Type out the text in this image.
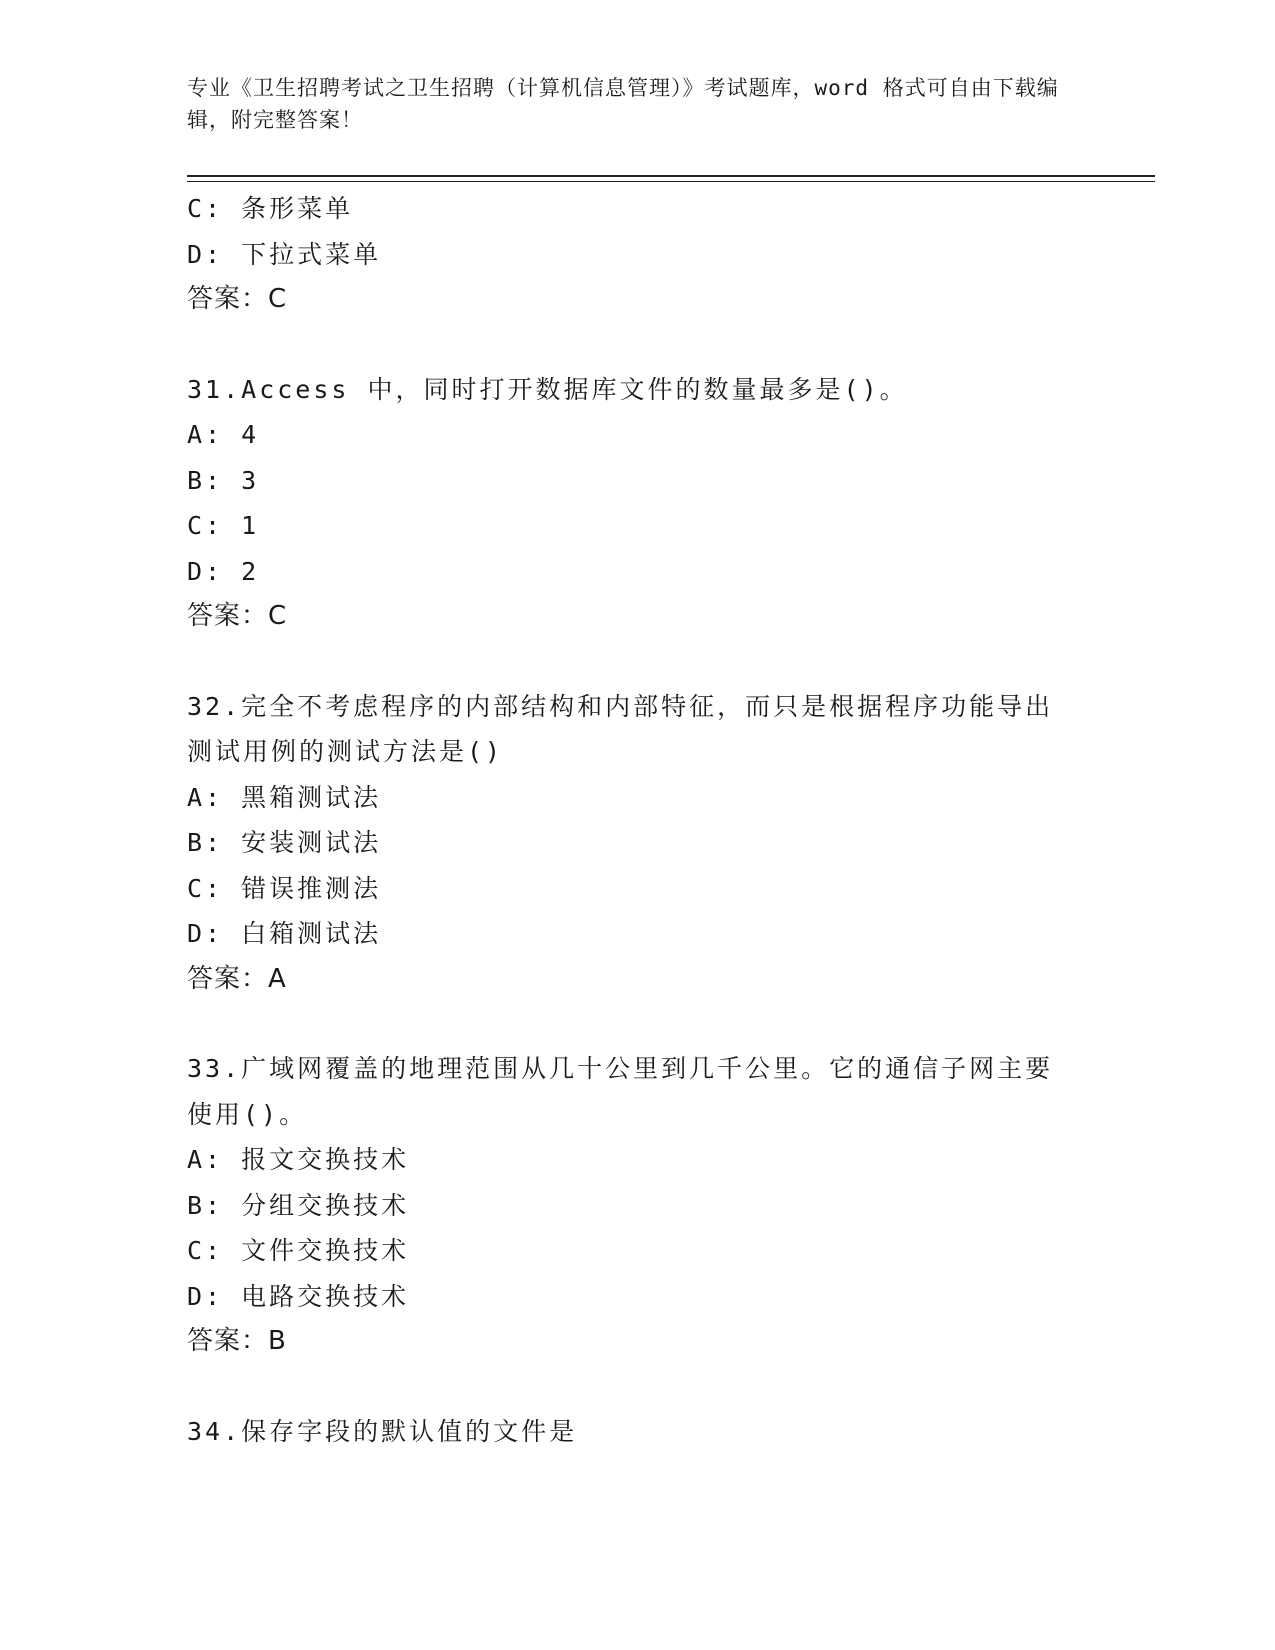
专业《卫生招聘考试之卫生招聘（计算机信息管理）》考试题库，word 格式可自由下载编辑，附完整答案！
C: 条形菜单
D: 下拉式菜单
答案：C
31.Access 中，同时打开数据库文件的数量最多是()。
A: 4
B: 3
C: 1
D: 2
答案：C
32.完全不考虑程序的内部结构和内部特征，而只是根据程序功能导出
测试用例的测试方法是()
A: 黑箱测试法
B: 安装测试法
C: 错误推测法
D: 白箱测试法
答案：A
33.广域网覆盖的地理范围从几十公里到几千公里。它的通信子网主要
使用()。
A: 报文交换技术
B: 分组交换技术
C: 文件交换技术
D: 电路交换技术
答案：B
34.保存字段的默认值的文件是
